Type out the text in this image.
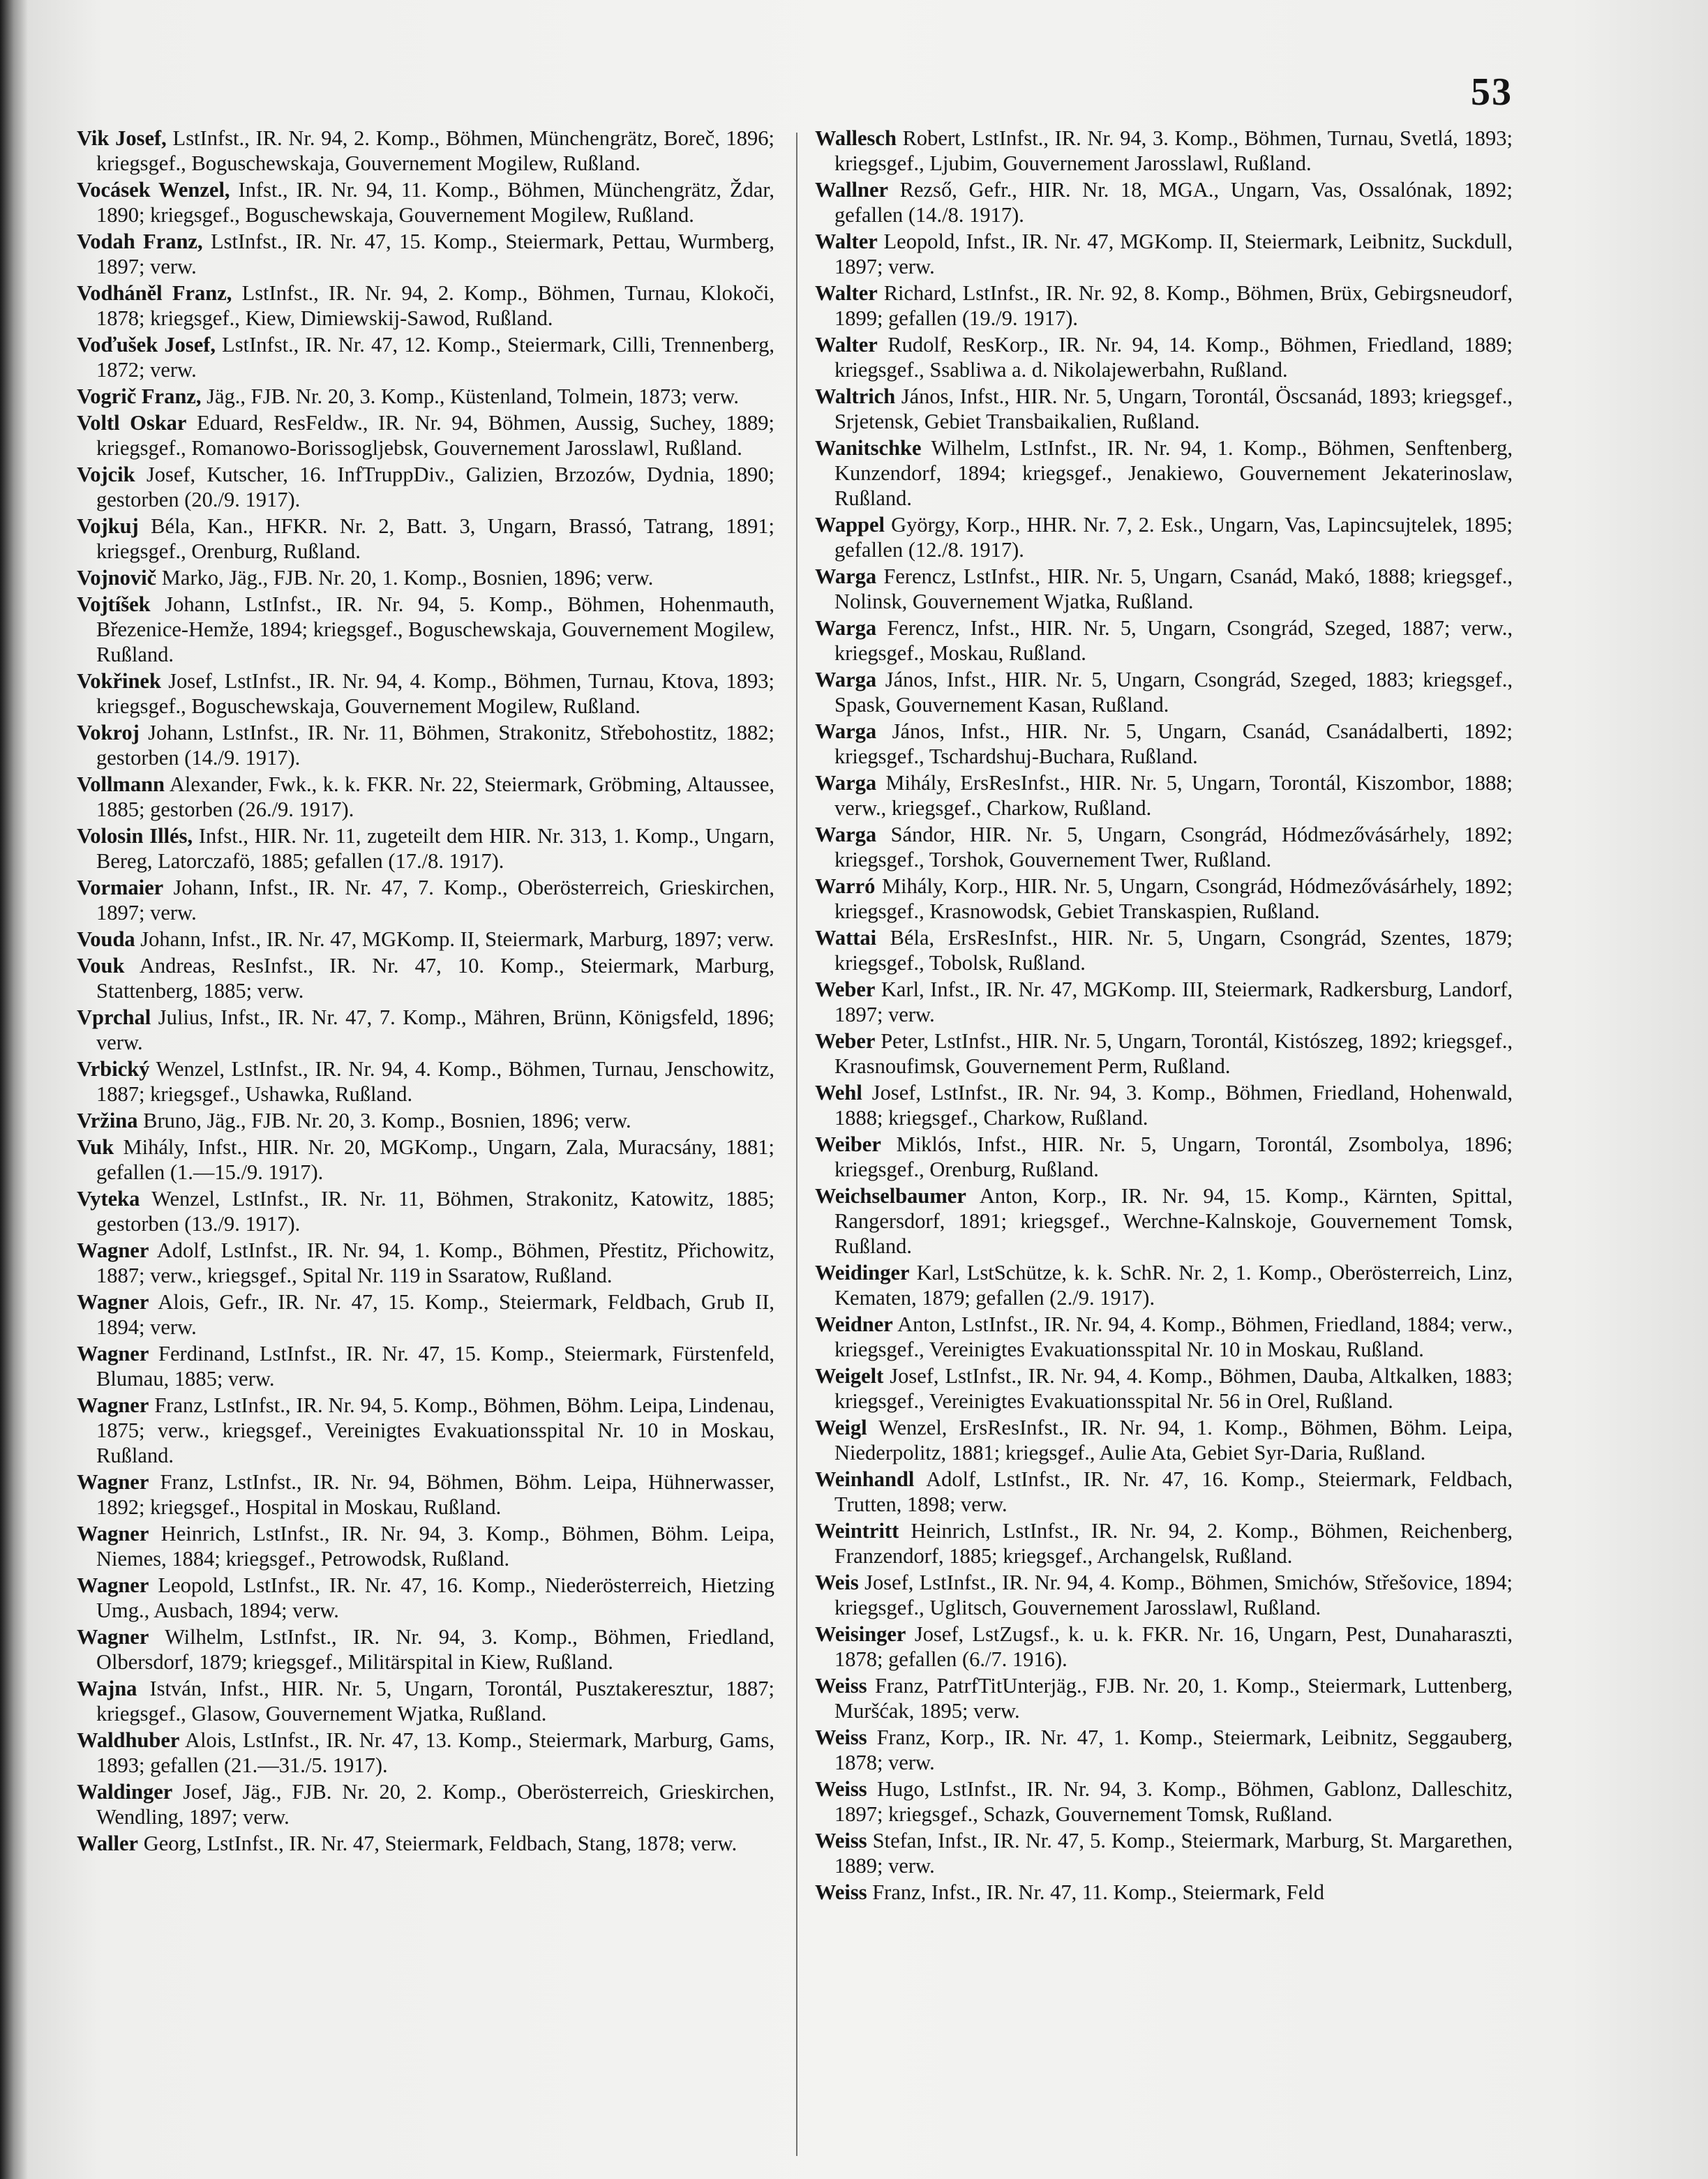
53

Vik Josef, LstInfst., IR. Nr. 94, 2. Komp., Böhmen, Münchengrätz, Boreč, 1896; kriegsgef., Boguschewskaja, Gouvernement Mogilew, Rußland.

Vocásek Wenzel, Infst., IR. Nr. 94, 11. Komp., Böhmen, Münchengrätz, Ždar, 1890; kriegsgef., Boguschewskaja, Gouvernement Mogilew, Rußland.

Vodah Franz, LstInfst., IR. Nr. 47, 15. Komp., Steiermark, Pettau, Wurmberg, 1897; verw.

Vodháněl Franz, LstInfst., IR. Nr. 94, 2. Komp., Böhmen, Turnau, Klokoči, 1878; kriegsgef., Kiew, Dimiewskij-Sawod, Rußland.

Voďušek Josef, LstInfst., IR. Nr. 47, 12. Komp., Steiermark, Cilli, Trennenberg, 1872; verw.

Vogrič Franz, Jäg., FJB. Nr. 20, 3. Komp., Küstenland, Tolmein, 1873; verw.

Voltl Oskar Eduard, ResFeldw., IR. Nr. 94, Böhmen, Aussig, Suchey, 1889; kriegsgef., Romanowo-Borissogljebsk, Gouvernement Jarosslawl, Rußland.

Vojcik Josef, Kutscher, 16. InfTruppDiv., Galizien, Brzozów, Dydnia, 1890; gestorben (20./9. 1917).

Vojkuj Béla, Kan., HFKR. Nr. 2, Batt. 3, Ungarn, Brassó, Tatrang, 1891; kriegsgef., Orenburg, Rußland.

Vojnovič Marko, Jäg., FJB. Nr. 20, 1. Komp., Bosnien, 1896; verw.

Vojtíšek Johann, LstInfst., IR. Nr. 94, 5. Komp., Böhmen, Hohenmauth, Březenice-Hemže, 1894; kriegsgef., Boguschewskaja, Gouvernement Mogilew, Rußland.

Vokřinek Josef, LstInfst., IR. Nr. 94, 4. Komp., Böhmen, Turnau, Ktova, 1893; kriegsgef., Boguschewskaja, Gouvernement Mogilew, Rußland.

Vokroj Johann, LstInfst., IR. Nr. 11, Böhmen, Strakonitz, Střebohostitz, 1882; gestorben (14./9. 1917).

Vollmann Alexander, Fwk., k. k. FKR. Nr. 22, Steiermark, Gröbming, Altaussee, 1885; gestorben (26./9. 1917).

Volosin Illés, Infst., HIR. Nr. 11, zugeteilt dem HIR. Nr. 313, 1. Komp., Ungarn, Bereg, Latorczafö, 1885; gefallen (17./8. 1917).

Vormaier Johann, Infst., IR. Nr. 47, 7. Komp., Oberösterreich, Grieskirchen, 1897; verw.

Vouda Johann, Infst., IR. Nr. 47, MGKomp. II, Steiermark, Marburg, 1897; verw.

Vouk Andreas, ResInfst., IR. Nr. 47, 10. Komp., Steiermark, Marburg, Stattenberg, 1885; verw.

Vprchal Julius, Infst., IR. Nr. 47, 7. Komp., Mähren, Brünn, Königsfeld, 1896; verw.

Vrbický Wenzel, LstInfst., IR. Nr. 94, 4. Komp., Böhmen, Turnau, Jenschowitz, 1887; kriegsgef., Ushawka, Rußland.

Vržina Bruno, Jäg., FJB. Nr. 20, 3. Komp., Bosnien, 1896; verw.

Vuk Mihály, Infst., HIR. Nr. 20, MGKomp., Ungarn, Zala, Muracsány, 1881; gefallen (1.—15./9. 1917).

Vyteka Wenzel, LstInfst., IR. Nr. 11, Böhmen, Strakonitz, Katowitz, 1885; gestorben (13./9. 1917).

Wagner Adolf, LstInfst., IR. Nr. 94, 1. Komp., Böhmen, Přestitz, Přichowitz, 1887; verw., kriegsgef., Spital Nr. 119 in Ssaratow, Rußland.

Wagner Alois, Gefr., IR. Nr. 47, 15. Komp., Steiermark, Feldbach, Grub II, 1894; verw.

Wagner Ferdinand, LstInfst., IR. Nr. 47, 15. Komp., Steiermark, Fürstenfeld, Blumau, 1885; verw.

Wagner Franz, LstInfst., IR. Nr. 94, 5. Komp., Böhmen, Böhm. Leipa, Lindenau, 1875; verw., kriegsgef., Vereinigtes Evakuationsspital Nr. 10 in Moskau, Rußland.

Wagner Franz, LstInfst., IR. Nr. 94, Böhmen, Böhm. Leipa, Hühnerwasser, 1892; kriegsgef., Hospital in Moskau, Rußland.

Wagner Heinrich, LstInfst., IR. Nr. 94, 3. Komp., Böhmen, Böhm. Leipa, Niemes, 1884; kriegsgef., Petrowodsk, Rußland.

Wagner Leopold, LstInfst., IR. Nr. 47, 16. Komp., Niederösterreich, Hietzing Umg., Ausbach, 1894; verw.

Wagner Wilhelm, LstInfst., IR. Nr. 94, 3. Komp., Böhmen, Friedland, Olbersdorf, 1879; kriegsgef., Militärspital in Kiew, Rußland.

Wajna István, Infst., HIR. Nr. 5, Ungarn, Torontál, Pusztakeresztur, 1887; kriegsgef., Glasow, Gouvernement Wjatka, Rußland.

Waldhuber Alois, LstInfst., IR. Nr. 47, 13. Komp., Steiermark, Marburg, Gams, 1893; gefallen (21.—31./5. 1917).

Waldinger Josef, Jäg., FJB. Nr. 20, 2. Komp., Oberösterreich, Grieskirchen, Wendling, 1897; verw.

Waller Georg, LstInfst., IR. Nr. 47, Steiermark, Feldbach, Stang, 1878; verw.

Wallesch Robert, LstInfst., IR. Nr. 94, 3. Komp., Böhmen, Turnau, Svetlá, 1893; kriegsgef., Ljubim, Gouvernement Jarosslawl, Rußland.

Wallner Rezső, Gefr., HIR. Nr. 18, MGA., Ungarn, Vas, Ossalónak, 1892; gefallen (14./8. 1917).

Walter Leopold, Infst., IR. Nr. 47, MGKomp. II, Steiermark, Leibnitz, Suckdull, 1897; verw.

Walter Richard, LstInfst., IR. Nr. 92, 8. Komp., Böhmen, Brüx, Gebirgsneudorf, 1899; gefallen (19./9. 1917).

Walter Rudolf, ResKorp., IR. Nr. 94, 14. Komp., Böhmen, Friedland, 1889; kriegsgef., Ssabliwa a. d. Nikolajewerbahn, Rußland.

Waltrich János, Infst., HIR. Nr. 5, Ungarn, Torontál, Öscsanád, 1893; kriegsgef., Srjetensk, Gebiet Transbaikalien, Rußland.

Wanitschke Wilhelm, LstInfst., IR. Nr. 94, 1. Komp., Böhmen, Senftenberg, Kunzendorf, 1894; kriegsgef., Jenakiewo, Gouvernement Jekaterinoslaw, Rußland.

Wappel György, Korp., HHR. Nr. 7, 2. Esk., Ungarn, Vas, Lapincsujtelek, 1895; gefallen (12./8. 1917).

Warga Ferencz, LstInfst., HIR. Nr. 5, Ungarn, Csanád, Makó, 1888; kriegsgef., Nolinsk, Gouvernement Wjatka, Rußland.

Warga Ferencz, Infst., HIR. Nr. 5, Ungarn, Csongrád, Szeged, 1887; verw., kriegsgef., Moskau, Rußland.

Warga János, Infst., HIR. Nr. 5, Ungarn, Csongrád, Szeged, 1883; kriegsgef., Spask, Gouvernement Kasan, Rußland.

Warga János, Infst., HIR. Nr. 5, Ungarn, Csanád, Csanádalberti, 1892; kriegsgef., Tschardshuj-Buchara, Rußland.

Warga Mihály, ErsResInfst., HIR. Nr. 5, Ungarn, Torontál, Kiszombor, 1888; verw., kriegsgef., Charkow, Rußland.

Warga Sándor, HIR. Nr. 5, Ungarn, Csongrád, Hódmezővásárhely, 1892; kriegsgef., Torshok, Gouvernement Twer, Rußland.

Warró Mihály, Korp., HIR. Nr. 5, Ungarn, Csongrád, Hódmezővásárhely, 1892; kriegsgef., Krasnowodsk, Gebiet Transkaspien, Rußland.

Wattai Béla, ErsResInfst., HIR. Nr. 5, Ungarn, Csongrád, Szentes, 1879; kriegsgef., Tobolsk, Rußland.

Weber Karl, Infst., IR. Nr. 47, MGKomp. III, Steiermark, Radkersburg, Landorf, 1897; verw.

Weber Peter, LstInfst., HIR. Nr. 5, Ungarn, Torontál, Kistószeg, 1892; kriegsgef., Krasnoufimsk, Gouvernement Perm, Rußland.

Wehl Josef, LstInfst., IR. Nr. 94, 3. Komp., Böhmen, Friedland, Hohenwald, 1888; kriegsgef., Charkow, Rußland.

Weiber Miklós, Infst., HIR. Nr. 5, Ungarn, Torontál, Zsombolya, 1896; kriegsgef., Orenburg, Rußland.

Weichselbaumer Anton, Korp., IR. Nr. 94, 15. Komp., Kärnten, Spittal, Rangersdorf, 1891; kriegsgef., Werchne-Kalnskoje, Gouvernement Tomsk, Rußland.

Weidinger Karl, LstSchütze, k. k. SchR. Nr. 2, 1. Komp., Oberösterreich, Linz, Kematen, 1879; gefallen (2./9. 1917).

Weidner Anton, LstInfst., IR. Nr. 94, 4. Komp., Böhmen, Friedland, 1884; verw., kriegsgef., Vereinigtes Evakuationsspital Nr. 10 in Moskau, Rußland.

Weigelt Josef, LstInfst., IR. Nr. 94, 4. Komp., Böhmen, Dauba, Altkalken, 1883; kriegsgef., Vereinigtes Evakuationsspital Nr. 56 in Orel, Rußland.

Weigl Wenzel, ErsResInfst., IR. Nr. 94, 1. Komp., Böhmen, Böhm. Leipa, Niederpolitz, 1881; kriegsgef., Aulie Ata, Gebiet Syr-Daria, Rußland.

Weinhandl Adolf, LstInfst., IR. Nr. 47, 16. Komp., Steiermark, Feldbach, Trutten, 1898; verw.

Weintritt Heinrich, LstInfst., IR. Nr. 94, 2. Komp., Böhmen, Reichenberg, Franzendorf, 1885; kriegsgef., Archangelsk, Rußland.

Weis Josef, LstInfst., IR. Nr. 94, 4. Komp., Böhmen, Smichów, Střešovice, 1894; kriegsgef., Uglitsch, Gouvernement Jarosslawl, Rußland.

Weisinger Josef, LstZugsf., k. u. k. FKR. Nr. 16, Ungarn, Pest, Dunaharaszti, 1878; gefallen (6./7. 1916).

Weiss Franz, PatrfTitUnterjäg., FJB. Nr. 20, 1. Komp., Steiermark, Luttenberg, Muršćak, 1895; verw.

Weiss Franz, Korp., IR. Nr. 47, 1. Komp., Steiermark, Leibnitz, Seggauberg, 1878; verw.

Weiss Hugo, LstInfst., IR. Nr. 94, 3. Komp., Böhmen, Gablonz, Dalleschitz, 1897; kriegsgef., Schazk, Gouvernement Tomsk, Rußland.

Weiss Stefan, Infst., IR. Nr. 47, 5. Komp., Steiermark, Marburg, St. Margarethen, 1889; verw.

Weiss Franz, Infst., IR. Nr. 47, 11. Komp., Steiermark, Feld
